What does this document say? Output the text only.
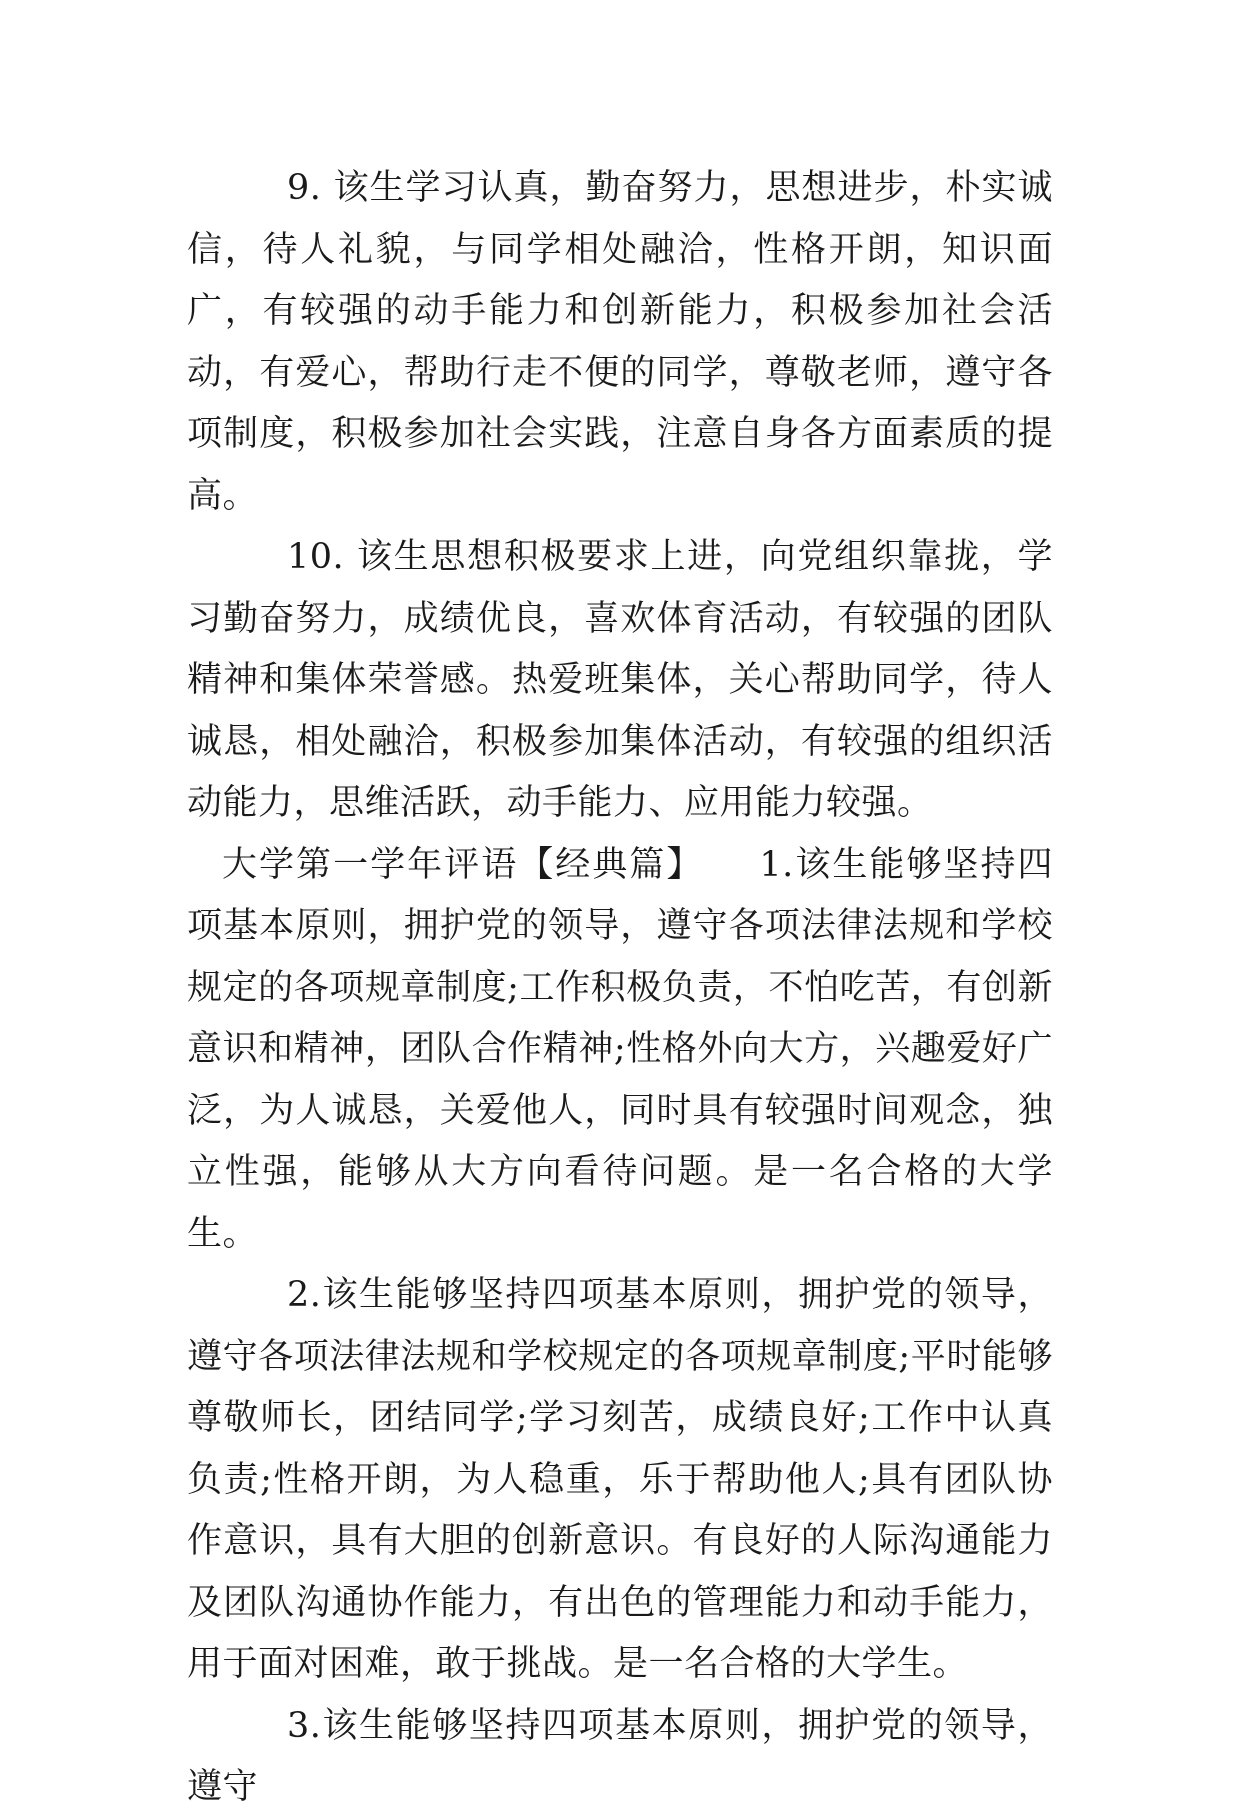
9. 该生学习认真，勤奋努力，思想进步，朴实诚信，待人礼貌，与同学相处融洽，性格开朗，知识面广，有较强的动手能力和创新能力，积极参加社会活动，有爱心，帮助行走不便的同学，尊敬老师，遵守各项制度，积极参加社会实践，注意自身各方面素质的提高。

10. 该生思想积极要求上进，向党组织靠拢，学习勤奋努力，成绩优良，喜欢体育活动，有较强的团队精神和集体荣誉感。热爱班集体，关心帮助同学，待人诚恳，相处融洽，积极参加集体活动，有较强的组织活动能力，思维活跃，动手能力、应用能力较强。

大学第一学年评语【经典篇】 1.该生能够坚持四项基本原则，拥护党的领导，遵守各项法律法规和学校规定的各项规章制度;工作积极负责，不怕吃苦，有创新意识和精神，团队合作精神;性格外向大方，兴趣爱好广泛，为人诚恳，关爱他人，同时具有较强时间观念，独立性强，能够从大方向看待问题。是一名合格的大学生。

2.该生能够坚持四项基本原则，拥护党的领导，遵守各项法律法规和学校规定的各项规章制度;平时能够尊敬师长，团结同学;学习刻苦，成绩良好;工作中认真负责;性格开朗，为人稳重，乐于帮助他人;具有团队协作意识，具有大胆的创新意识。有良好的人际沟通能力及团队沟通协作能力，有出色的管理能力和动手能力，用于面对困难，敢于挑战。是一名合格的大学生。

3.该生能够坚持四项基本原则，拥护党的领导，遵守
